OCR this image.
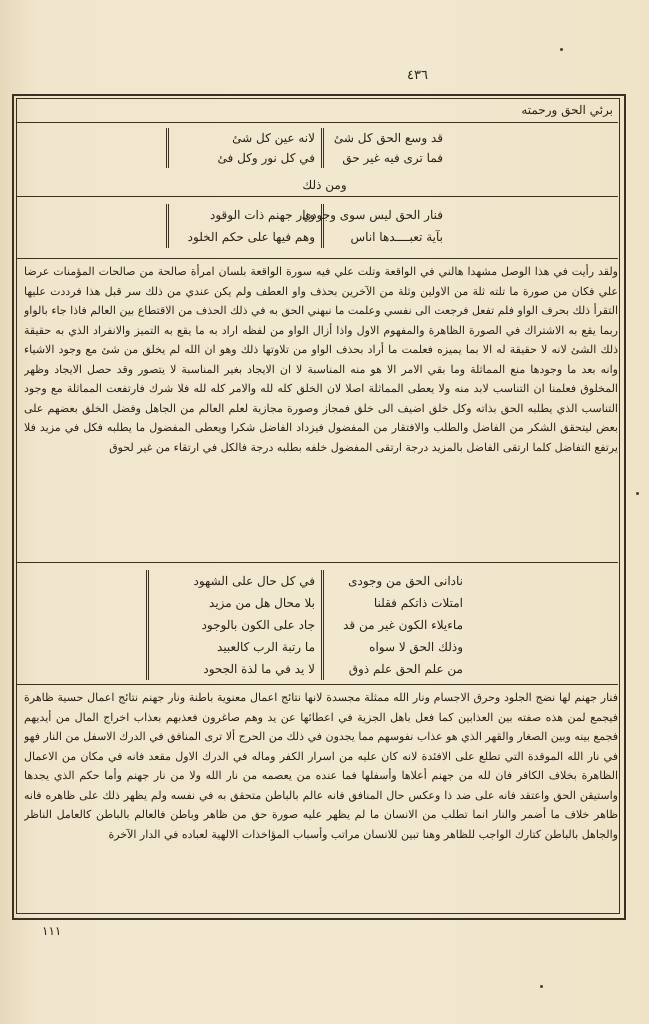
٤٣٦
برئي الحق ورحمته
لانه عين كل شئ
في كل نور وكل فئ
قد وسع الحق كل شئ
فما ترى فيه غير حق
ومن ذلك
ونار جهنم ذات الوقود
وهم فيها على حكم الخلود
فنار الحق ليس سوى وجودي
بآية تعبــــدها اناس
ولقد رأيت في هذا الوصل مشهدا هالني في الواقعة وتلت علي فيه سورة الواقعة بلسان امرأة صالحة من صالحات المؤمنات عرضا علي فكان من صورة ما تلته ثلة من الاولين وثلة من الآخرين بحذف واو العطف ولم يكن عندي من ذلك سر قبل هذا فرددت عليها التقرأ ذلك بحرف الواو فلم تفعل فرجعت الى نفسي وعلمت ما نبهني الحق به في ذلك الحذف من الاقتطاع بين العالم فاذا جاء بالواو ربما يقع به الاشتراك في الصورة الظاهرة والمفهوم الاول واذا أزال الواو من لفظه اراد به ما يقع به التميز والانفراد الذي به حقيقة ذلك الشئ لانه لا حقيقة له الا بما يميزه فعلمت ما أراد بحذف الواو من تلاوتها ذلك وهو ان الله لم يخلق من شئ مع وجود الاشياء وانه بعد ما وجودها منع المماثلة وما بقي الامر الا هو منه المناسبة لا ان الايجاد بغير المناسبة لا يتصور وقد حصل الايجاد وظهر المخلوق فعلمنا ان التناسب لابد منه ولا يعطى المماثلة اصلا لان الخلق كله لله والامر كله لله فلا شرك فارتفعت المماثلة مع وجود التناسب الذي يطلبه الحق بذاته وكل خلق اضيف الى خلق فمجاز وصورة مجازية لعلم العالم من الجاهل وفضل الخلق بعضهم على بعض ليتحقق الشكر من الفاضل والطلب والافتقار من المفضول فيزداد الفاضل شكرا ويعطى المفضول ما يطلبه فكل في مزيد فلا يرتفع التفاضل كلما ارتقى الفاضل بالمزيد درجة ارتقى المفضول خلفه بطلبه درجة فالكل في ارتقاء من غير لحوق
في كل حال على الشهود
بلا محال هل من مزيد
جاد على الكون بالوجود
ما رتبة الرب كالعبيد
لا يد في ما لذة الجحود
نادانى الحق من وجودى
امتلات ذاتكم فقلنا
ماءيلاء الكون غير من قد
وذلك الحق لا سواه
من علم الحق علم ذوق
فنار جهنم لها نضج الجلود وحرق الاجسام ونار الله ممثلة مجسدة لانها نتائج اعمال معنوية باطنة ونار جهنم نتائج اعمال حسية ظاهرة فيجمع لمن هذه صفته بين العذابين كما فعل باهل الجزية في اعطائها عن يد وهم صاغرون فعذبهم بعذاب اخراج المال من أيديهم فجمع بينه وبين الصغار والقهر الذي هو عذاب نفوسهم مما يجدون في ذلك من الحرج ألا ترى المنافق في الدرك الاسفل من النار فهو في نار الله الموقدة التي تطلع على الافئدة لانه كان عليه من اسرار الكفر وماله في الدرك الاول مقعد فانه في مكان من الاعمال الظاهرة بخلاف الكافر فان لله من جهنم أعلاها وأسفلها فما عنده من يعصمه من نار الله ولا من نار جهنم وأما حكم الذي يجدها واستيقن الحق واعتقد فانه على ضد ذا وعكس حال المنافق فانه عالم بالباطن متحقق به في نفسه ولم يظهر ذلك على ظاهره فانه ظاهر خلاف ما أضمر والنار انما تطلب من الانسان ما لم يظهر عليه صورة حق من ظاهر وباطن فالعالم بالباطن كالعامل الناظر والجاهل بالباطن كتارك الواجب للظاهر وهنا تبين للانسان مراتب وأسباب المؤاخذات الالهية لعباده في الدار الآخرة
١١١
